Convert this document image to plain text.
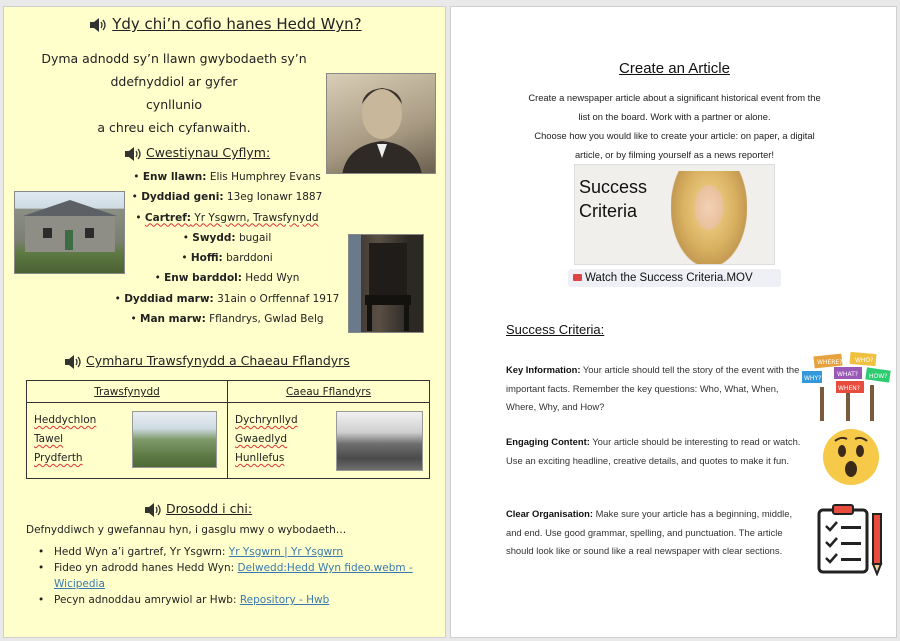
Ydy chi’n cofio hanes Hedd Wyn?
Dyma adnodd sy’n llawn gwybodaeth sy’n ddefnyddiol ar gyfer
cynllunio
a chreu eich cyfanwaith.
Cwestiynau Cyflym:
• Enw llawn: Elis Humphrey Evans
• Dyddiad geni: 13eg Ionawr 1887
• Cartref: Yr Ysgwrn, Trawsfynydd
• Swydd: bugail
• Hoffi: barddoni
• Enw barddol: Hedd Wyn
• Dyddiad marw: 31ain o Orffennaf 1917
• Man marw: Fflandrys, Gwlad Belg
Cymharu Trawsfynydd a Chaeau Fflandyrs
Trawsfynydd
Heddychlon
Tawel
Prydferth
Caeau Fflandyrs
Dychrynllyd
Gwaedlyd
Hunllefus
Drosodd i chi:
Defnyddiwch y gwefannau hyn, i gasglu mwy o wybodaeth…
• Hedd Wyn a’i gartref, Yr Ysgwrn: Yr Ysgwrn | Yr Ysgwrn
• Fideo yn adrodd hanes Hedd Wyn: Delwedd:Hedd Wyn fideo.webm - Wicipedia
• Pecyn adnoddau amrywiol ar Hwb: Repository - Hwb
Create an Article
Create a newspaper article about a significant historical event from the
list on the board. Work with a partner or alone.
Choose how you would like to create your article: on paper, a digital
article, or by filming yourself as a news reporter!
Success
Criteria
Watch the Success Criteria.MOV
Success Criteria:
Key Information: Your article should tell the story of the event with the important facts. Remember the key questions: Who, What, When, Where, Why, and How?
Engaging Content: Your article should be interesting to read or watch. Use an exciting headline, creative details, and quotes to make it fun.
Clear Organisation: Make sure your article has a beginning, middle, and end. Use good grammar, spelling, and punctuation. The article should look like or sound like a real newspaper with clear sections.
WHERE? WHO?
WHAT?
WHY?
WHEN?
HOW?
